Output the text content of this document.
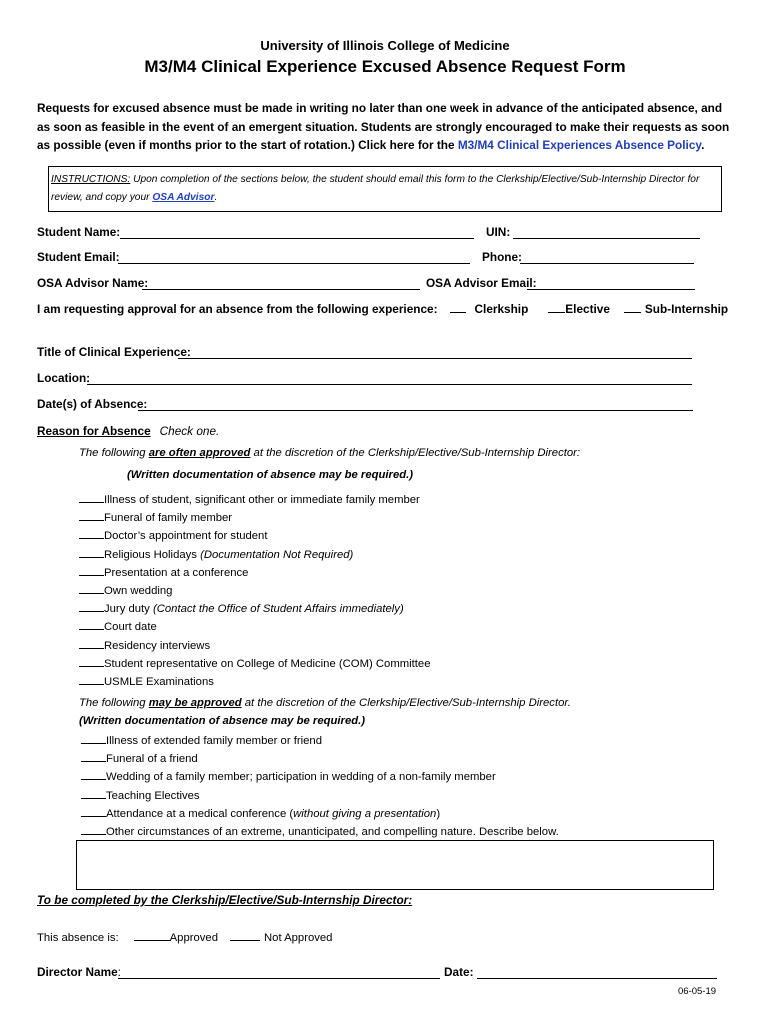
University of Illinois College of Medicine
M3/M4 Clinical Experience Excused Absence Request Form
Requests for excused absence must be made in writing no later than one week in advance of the anticipated absence, and as soon as feasible in the event of an emergent situation. Students are strongly encouraged to make their requests as soon as possible (even if months prior to the start of rotation.) Click here for the M3/M4 Clinical Experiences Absence Policy.
INSTRUCTIONS: Upon completion of the sections below, the student should email this form to the Clerkship/Elective/Sub-Internship Director for review, and copy your OSA Advisor.
Student Name:	UIN:
Student Email:	Phone:
OSA Advisor Name:	OSA Advisor Email:
I am requesting approval for an absence from the following experience:	Clerkship	Elective	Sub-Internship
Title of Clinical Experience:
Location:
Date(s) of Absence:
Reason for Absence Check one.
The following are often approved at the discretion of the Clerkship/Elective/Sub-Internship Director:
(Written documentation of absence may be required.)
Illness of student, significant other or immediate family member
Funeral of family member
Doctor’s appointment for student
Religious Holidays (Documentation Not Required)
Presentation at a conference
Own wedding
Jury duty (Contact the Office of Student Affairs immediately)
Court date
Residency interviews
Student representative on College of Medicine (COM) Committee
USMLE Examinations
The following may be approved at the discretion of the Clerkship/Elective/Sub-Internship Director.
(Written documentation of absence may be required.)
Illness of extended family member or friend
Funeral of a friend
Wedding of a family member; participation in wedding of a non-family member
Teaching Electives
Attendance at a medical conference (without giving a presentation)
Other circumstances of an extreme, unanticipated, and compelling nature. Describe below.
To be completed by the Clerkship/Elective/Sub-Internship Director:
This absence is:	Approved	Not Approved
Director Name:	Date:
06-05-19
